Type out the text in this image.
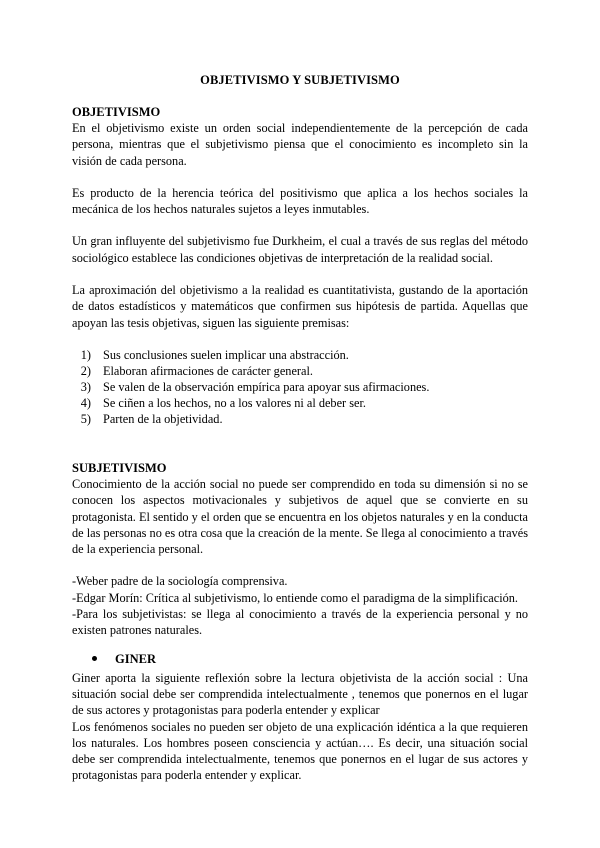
OBJETIVISMO Y SUBJETIVISMO
OBJETIVISMO

En el objetivismo existe un orden social independientemente de la percepción de cada persona, mientras que el subjetivismo piensa que el conocimiento es incompleto sin la visión de cada persona.

Es producto de la herencia teórica del positivismo que aplica a los hechos sociales la mecánica de los hechos naturales sujetos a leyes inmutables.

Un gran influyente del subjetivismo fue Durkheim, el cual a través de sus reglas del método sociológico establece las condiciones objetivas de interpretación de la realidad social.

La aproximación del objetivismo a la realidad es cuantitativista, gustando de la aportación de datos estadísticos y matemáticos que confirmen sus hipótesis de partida. Aquellas que apoyan las tesis objetivas, siguen las siguiente premisas:

1. Sus conclusiones suelen implicar una abstracción.
2. Elaboran afirmaciones de carácter general.
3. Se valen de la observación empírica para apoyar sus afirmaciones.
4. Se ciñen a los hechos, no a los valores ni al deber ser.
5. Parten de la objetividad.
SUBJETIVISMO

Conocimiento de la acción social no puede ser comprendido en toda su dimensión si no se conocen los aspectos motivacionales y subjetivos de aquel que se convierte en su protagonista. El sentido y el orden que se encuentra en los objetos naturales y en la conducta de las personas no es otra cosa que la creación de la mente. Se llega al conocimiento a través de la experiencia personal.

-Weber padre de la sociología comprensiva.

-Edgar Morín: Crítica al subjetivismo, lo entiende como el paradigma de la simplificación.

-Para los subjetivistas: se llega al conocimiento a través de la experiencia personal y no existen patrones naturales.

GINER

Giner aporta la siguiente reflexión sobre la lectura objetivista de la acción social : Una situación social debe ser comprendida intelectualmente , tenemos que ponernos en el lugar de sus actores y protagonistas para poderla entender y explicar

Los fenómenos sociales no pueden ser objeto de una explicación idéntica a la que requieren los naturales. Los hombres poseen consciencia y actúan…. Es decir, una situación social debe ser comprendida intelectualmente, tenemos que ponernos en el lugar de sus actores y protagonistas para poderla entender y explicar.
